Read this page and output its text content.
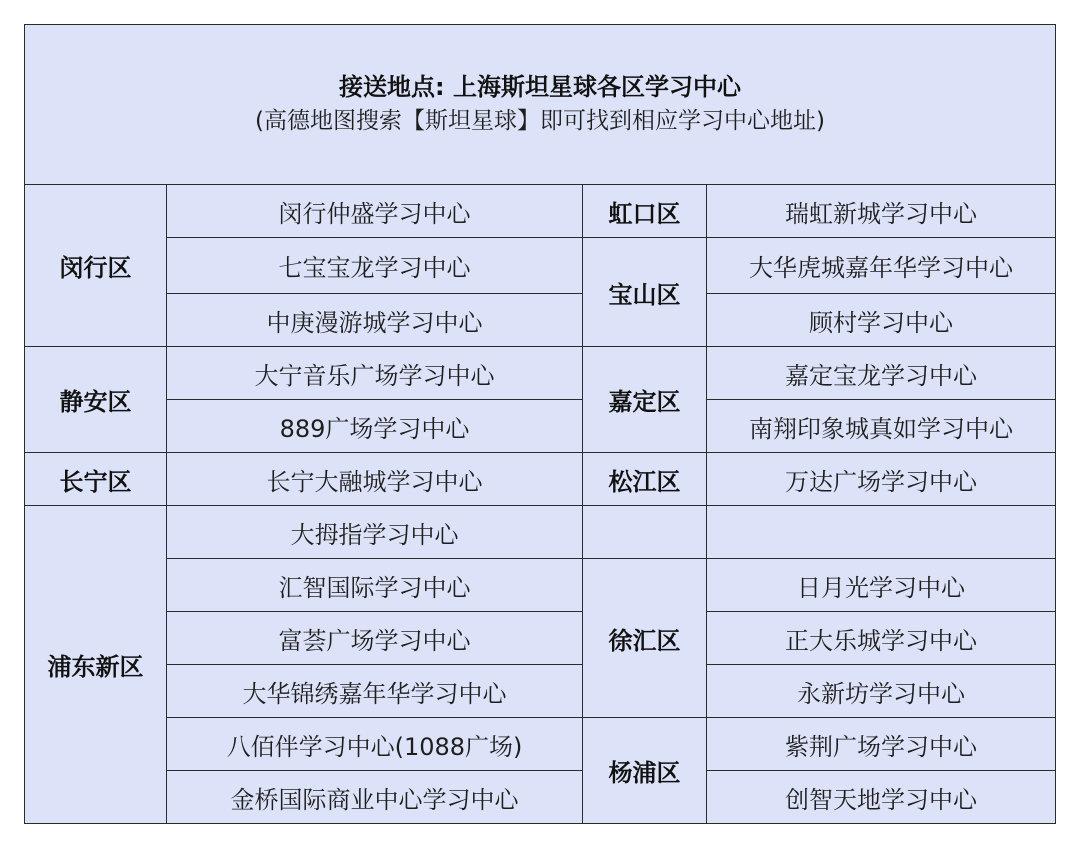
接送地点: 上海斯坦星球各区学习中心
(高德地图搜索【斯坦星球】即可找到相应学习中心地址)			

闵行区	闵行仲盛学习中心	虹口区	瑞虹新城学习中心
	七宝宝龙学习中心	宝山区	大华虎城嘉年华学习中心
	中庚漫游城学习中心		顾村学习中心
静安区	大宁音乐广场学习中心	嘉定区	嘉定宝龙学习中心
	889广场学习中心		南翔印象城真如学习中心
长宁区	长宁大融城学习中心	松江区	万达广场学习中心
浦东新区	大拇指学习中心		
	汇智国际学习中心	徐汇区	日月光学习中心
	富荟广场学习中心		正大乐城学习中心
	大华锦绣嘉年华学习中心		永新坊学习中心
	八佰伴学习中心(1088广场)	杨浦区	紫荆广场学习中心
	金桥国际商业中心学习中心		创智天地学习中心
